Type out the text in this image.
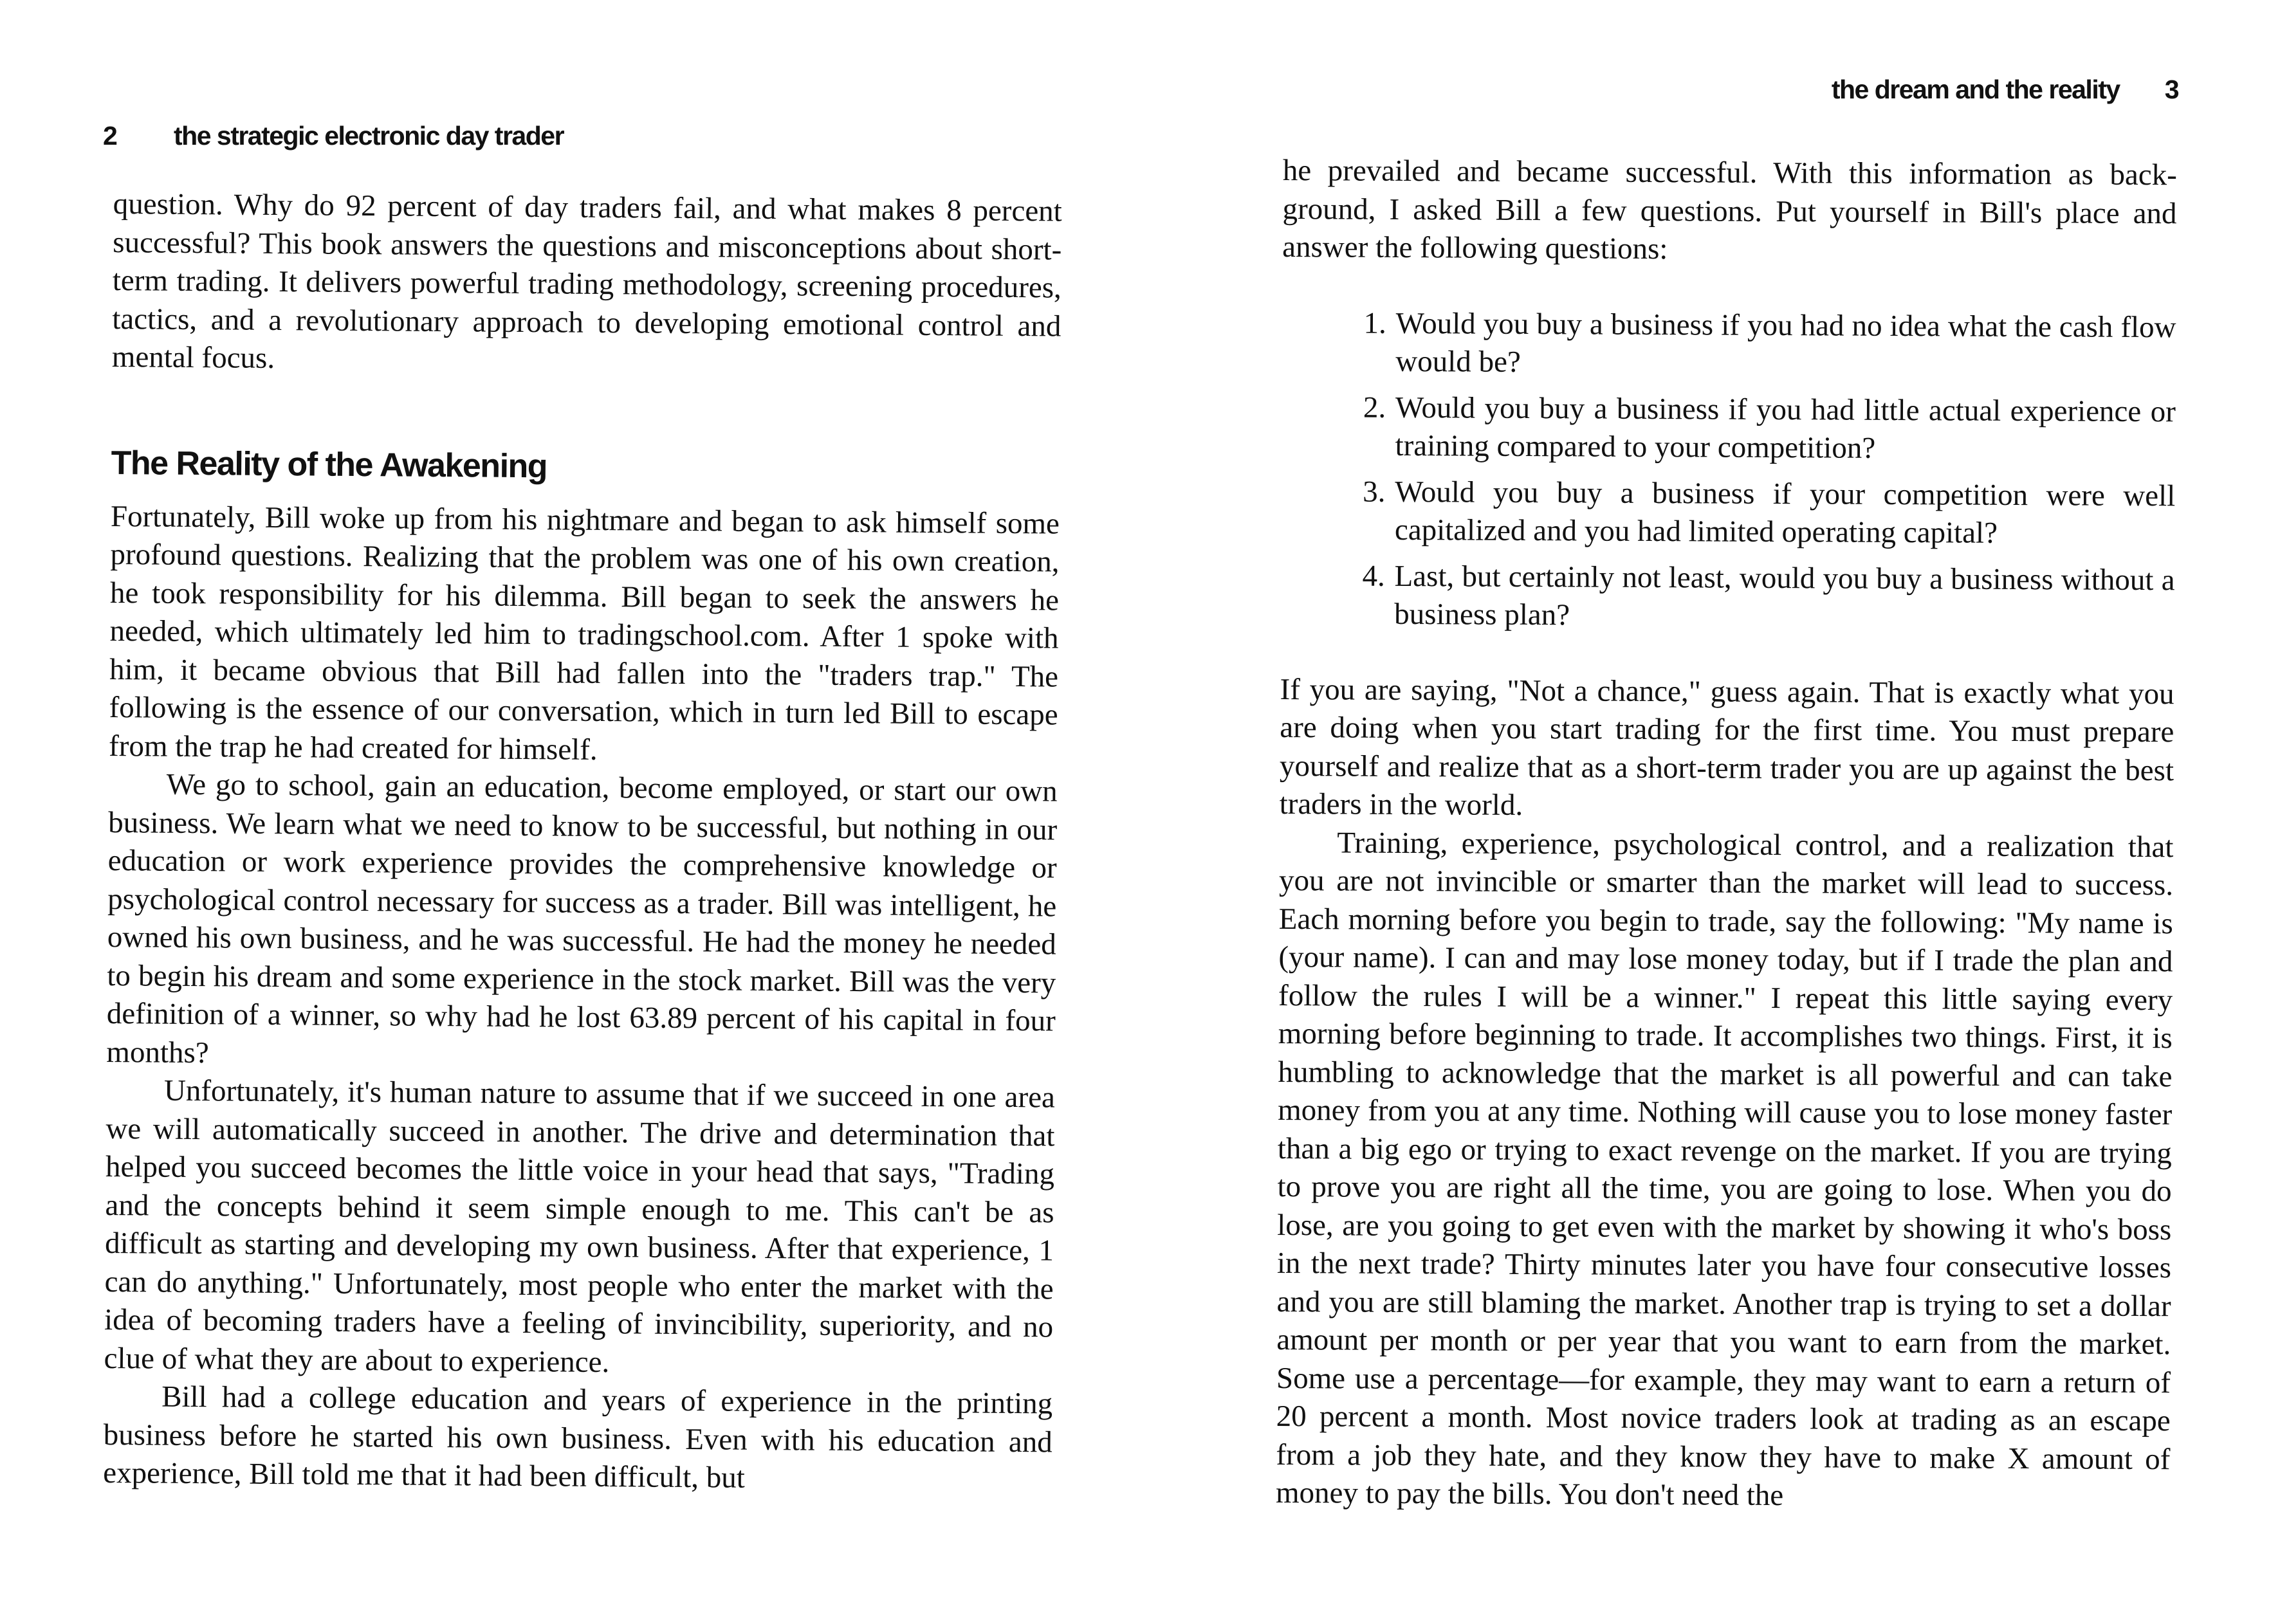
2 the strategic electronic day trader

question. Why do 92 percent of day traders fail, and what makes 8 percent successful? This book answers the questions and misconceptions about short-term trading. It delivers powerful trading methodology, screening procedures, tactics, and a revolutionary approach to developing emotional control and mental focus.

The Reality of the Awakening

Fortunately, Bill woke up from his nightmare and began to ask himself some profound questions. Realizing that the problem was one of his own creation, he took responsibility for his dilemma. Bill began to seek the answers he needed, which ultimately led him to tradingschool.com. After 1 spoke with him, it became obvious that Bill had fallen into the "traders trap." The following is the essence of our conversation, which in turn led Bill to escape from the trap he had created for himself.

We go to school, gain an education, become employed, or start our own business. We learn what we need to know to be successful, but nothing in our education or work experience provides the comprehensive knowledge or psychological control necessary for success as a trader. Bill was intelligent, he owned his own business, and he was successful. He had the money he needed to begin his dream and some experience in the stock market. Bill was the very definition of a winner, so why had he lost 63.89 percent of his capital in four months?

Unfortunately, it's human nature to assume that if we succeed in one area we will automatically succeed in another. The drive and determination that helped you succeed becomes the little voice in your head that says, "Trading and the concepts behind it seem simple enough to me. This can't be as difficult as starting and developing my own business. After that experience, 1 can do anything." Unfortunately, most people who enter the market with the idea of becoming traders have a feeling of invincibility, superiority, and no clue of what they are about to experience.

Bill had a college education and years of experience in the printing business before he started his own business. Even with his education and experience, Bill told me that it had been difficult, but

the dream and the reality 3

he prevailed and became successful. With this information as background, I asked Bill a few questions. Put yourself in Bill's place and answer the following questions:

1. Would you buy a business if you had no idea what the cash flow would be?
2. Would you buy a business if you had little actual experience or training compared to your competition?
3. Would you buy a business if your competition were well capitalized and you had limited operating capital?
4. Last, but certainly not least, would you buy a business without a business plan?

If you are saying, "Not a chance," guess again. That is exactly what you are doing when you start trading for the first time. You must prepare yourself and realize that as a short-term trader you are up against the best traders in the world.

Training, experience, psychological control, and a realization that you are not invincible or smarter than the market will lead to success. Each morning before you begin to trade, say the following: "My name is (your name). I can and may lose money today, but if I trade the plan and follow the rules I will be a winner." I repeat this little saying every morning before beginning to trade. It accomplishes two things. First, it is humbling to acknowledge that the market is all powerful and can take money from you at any time. Nothing will cause you to lose money faster than a big ego or trying to exact revenge on the market. If you are trying to prove you are right all the time, you are going to lose. When you do lose, are you going to get even with the market by showing it who's boss in the next trade? Thirty minutes later you have four consecutive losses and you are still blaming the market. Another trap is trying to set a dollar amount per month or per year that you want to earn from the market. Some use a percentage—for example, they may want to earn a return of 20 percent a month. Most novice traders look at trading as an escape from a job they hate, and they know they have to make X amount of money to pay the bills. You don't need the
